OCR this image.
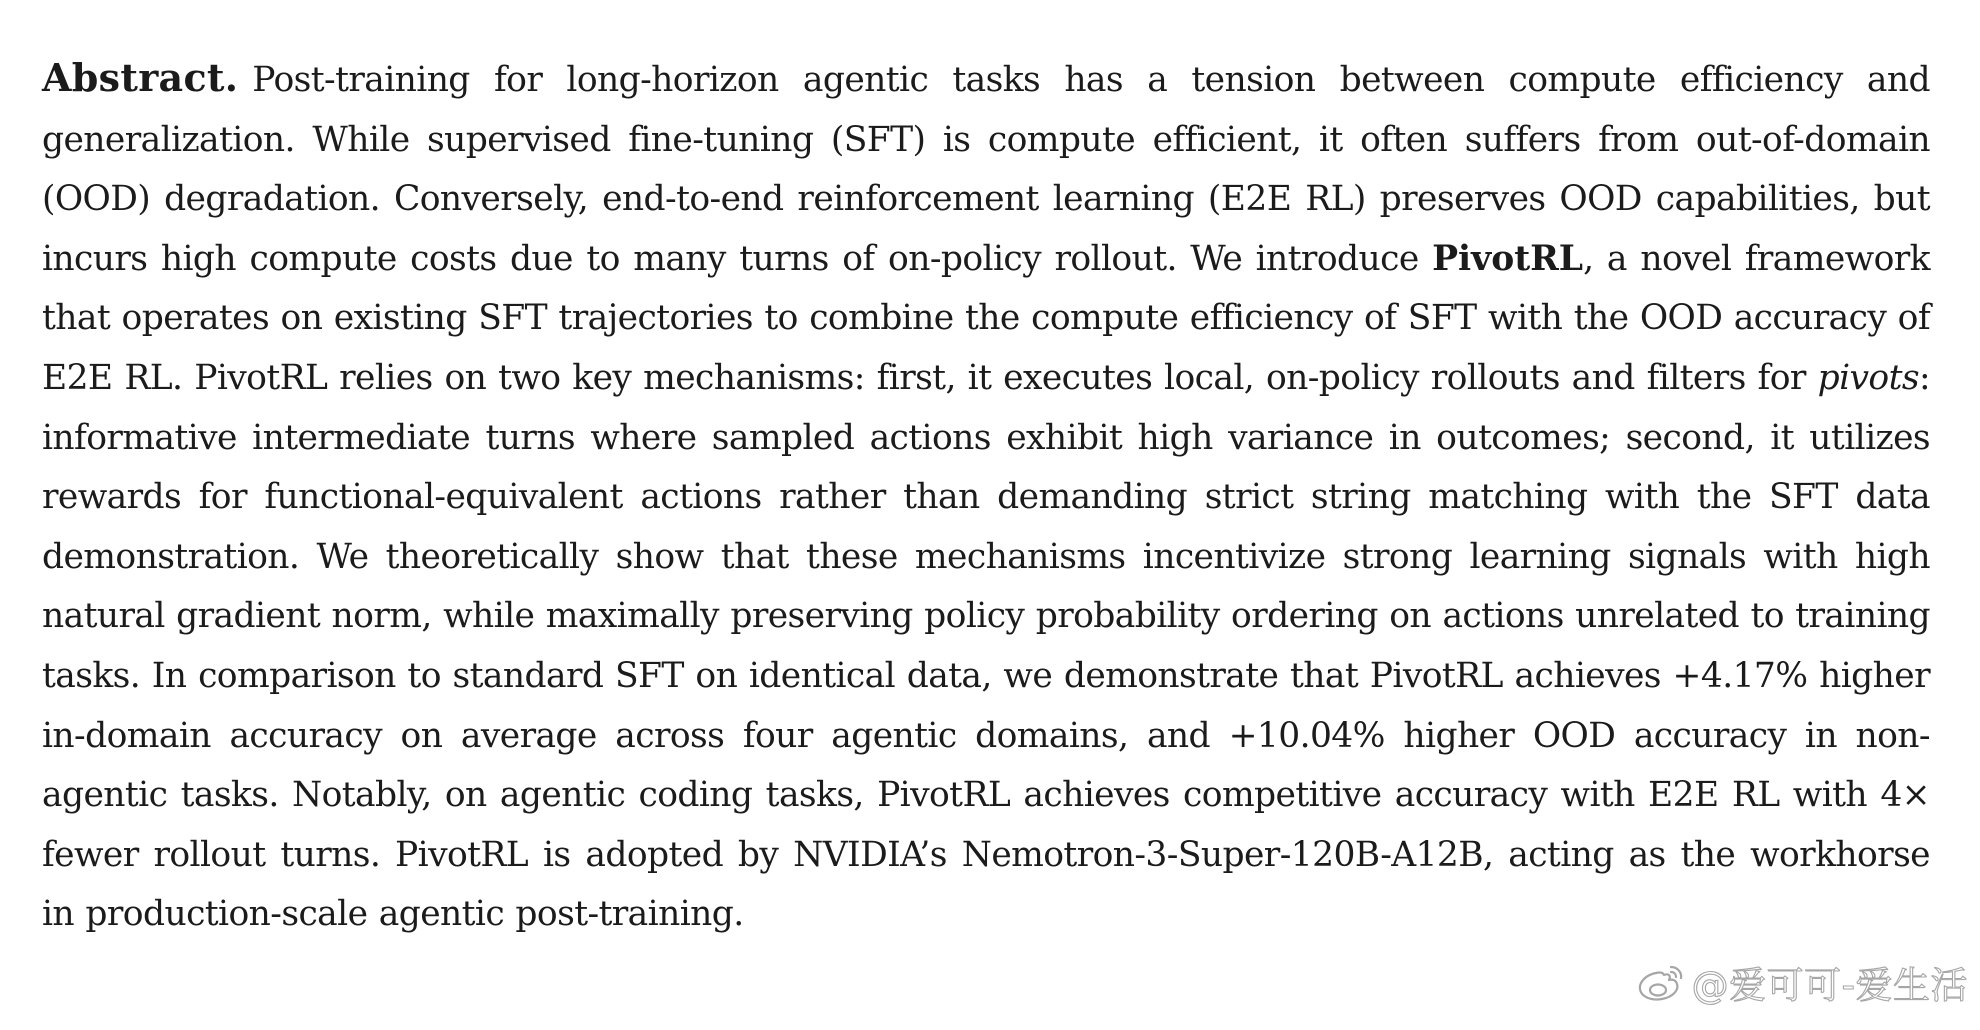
Abstract. Post-training for long-horizon agentic tasks has a tension between compute efficiency and generalization. While supervised fine-tuning (SFT) is compute efficient, it often suffers from out-of-domain (OOD) degradation. Conversely, end-to-end reinforcement learning (E2E RL) preserves OOD capabilities, but incurs high compute costs due to many turns of on-policy rollout. We introduce PivotRL, a novel framework that operates on existing SFT trajectories to combine the compute efficiency of SFT with the OOD accuracy of E2E RL. PivotRL relies on two key mechanisms: first, it executes local, on-policy rollouts and filters for pivots: informative intermediate turns where sampled actions exhibit high variance in outcomes; second, it utilizes rewards for functional-equivalent actions rather than demanding strict string matching with the SFT data demonstration. We theoretically show that these mechanisms incentivize strong learning signals with high natural gradient norm, while maximally preserving policy probability ordering on actions unrelated to training tasks. In comparison to standard SFT on identical data, we demonstrate that PivotRL achieves +4.17% higher in-domain accuracy on average across four agentic domains, and +10.04% higher OOD accuracy in non-agentic tasks. Notably, on agentic coding tasks, PivotRL achieves competitive accuracy with E2E RL with 4× fewer rollout turns. PivotRL is adopted by NVIDIA’s Nemotron-3-Super-120B-A12B, acting as the workhorse in production-scale agentic post-training.

@爱可可-爱生活
